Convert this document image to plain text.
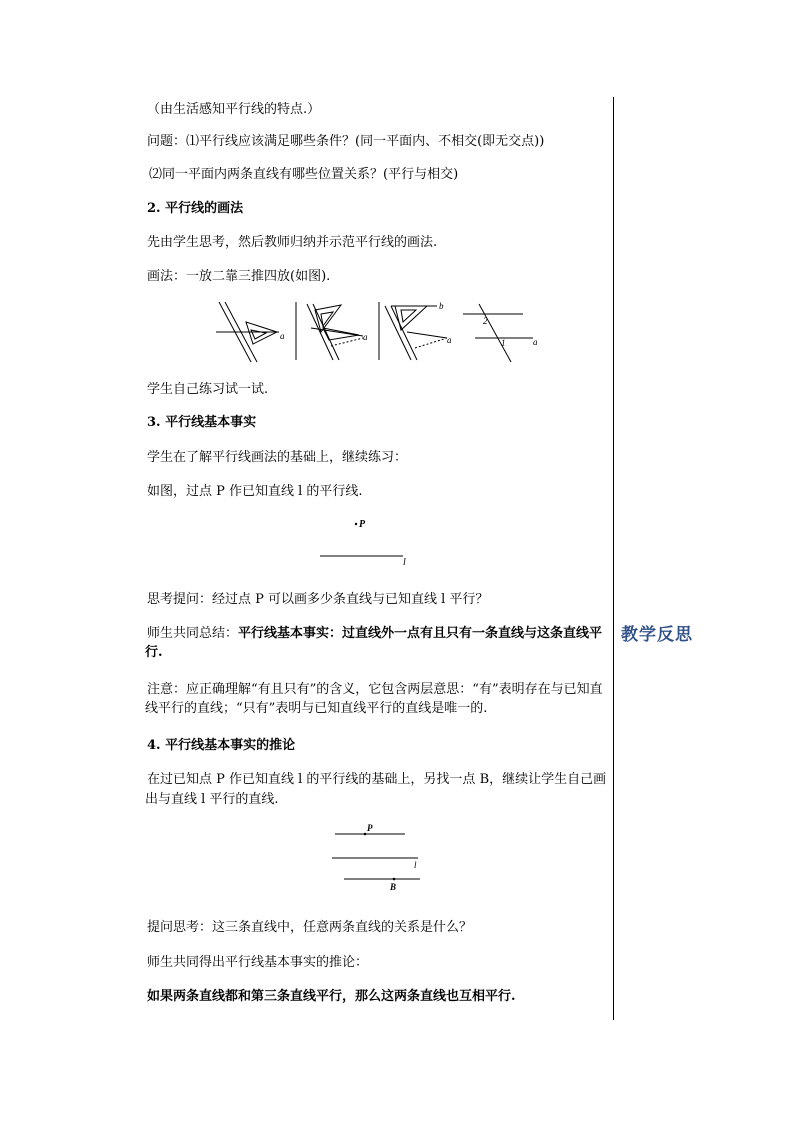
教学反思

（由生活感知平行线的特点.）

问题：⑴平行线应该满足哪些条件？(同一平面内、不相交(即无交点))

⑵同一平面内两条直线有哪些位置关系？(平行与相交)

2. 平行线的画法

先由学生思考，然后教师归纳并示范平行线的画法.

画法：一放二靠三推四放(如图).

a	a
b
a
2
1	a

学生自己练习试一试.

3. 平行线基本事实

学生在了解平行线画法的基础上，继续练习：

如图，过点 P 作已知直线 l 的平行线.

P
l

思考提问：经过点 P 可以画多少条直线与已知直线 l 平行？

师生共同总结：平行线基本事实：过直线外一点有且只有一条直线与这条直线平行.

注意：应正确理解“有且只有”的含义，它包含两层意思：“有”表明存在与已知直线平行的直线；“只有”表明与已知直线平行的直线是唯一的.

4. 平行线基本事实的推论

在过已知点 P 作已知直线 l 的平行线的基础上，另找一点 B，继续让学生自己画出与直线 l 平行的直线.

P
l
B

提问思考：这三条直线中，任意两条直线的关系是什么？

师生共同得出平行线基本事实的推论：

如果两条直线都和第三条直线平行，那么这两条直线也互相平行.
